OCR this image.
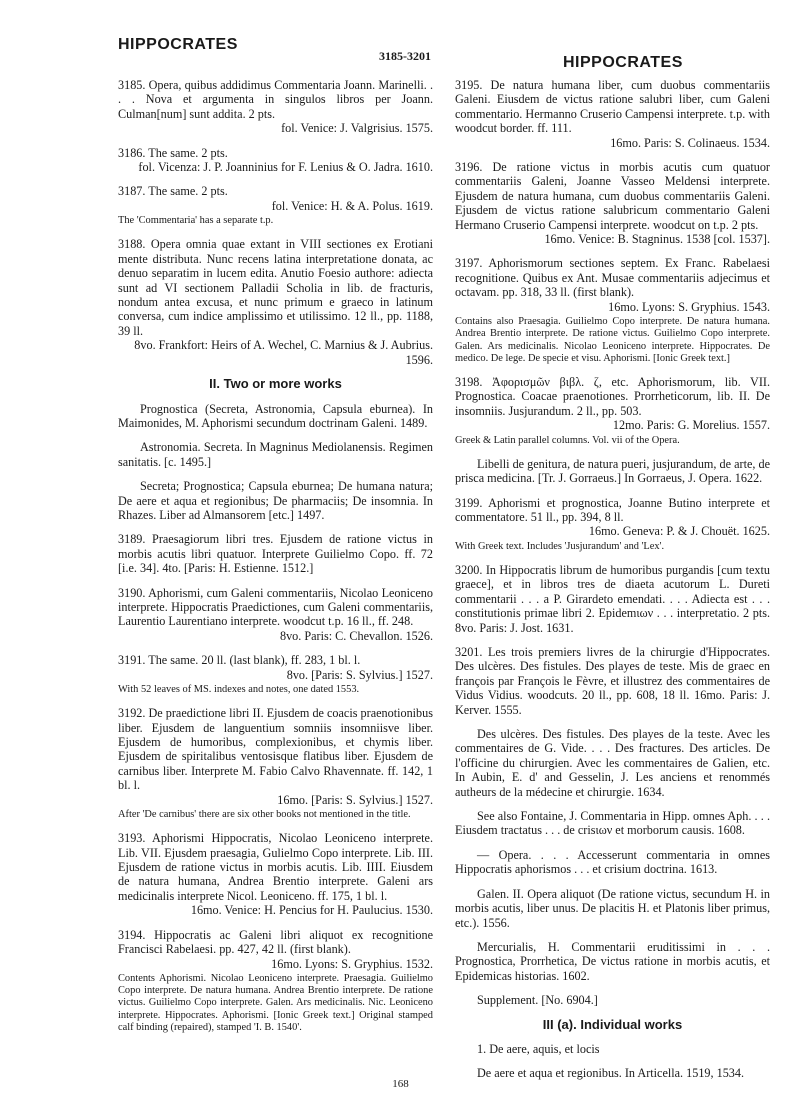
HIPPOCRATES
3185-3201	HIPPOCRATES
3185. Opera, quibus addidimus Commentaria Joann. Marinelli. . . . Nova et argumenta in singulos libros per Joann. Culman[num] sunt addita. 2 pts.
fol. Venice: J. Valgrisius. 1575.
3186. The same. 2 pts.
fol. Vicenza: J. P. Joanninius for F. Lenius & O. Jadra. 1610.
3187. The same. 2 pts.
fol. Venice: H. & A. Polus. 1619.
The 'Commentaria' has a separate t.p.
3188. Opera omnia quae extant in VIII sectiones ex Erotiani mente distributa. Nunc recens latina interpretatione donata, ac denuo separatim in lucem edita. Anutio Foesio authore: adiecta sunt ad VI sectionem Palladii Scholia in lib. de fracturis, nondum antea excusa, et nunc primum e graeco in latinum conversa, cum indice amplissimo et utilissimo. 12 ll., pp. 1188, 39 ll.
8vo. Frankfort: Heirs of A. Wechel, C. Marnius & J. Aubrius. 1596.
II. Two or more works
Prognostica (Secreta, Astronomia, Capsula eburnea). In Maimonides, M. Aphorismi secundum doctrinam Galeni. 1489.
Astronomia. Secreta. In Magninus Mediolanensis. Regimen sanitatis. [c. 1495.]
Secreta; Prognostica; Capsula eburnea; De humana natura; De aere et aqua et regionibus; De pharmaciis; De insomnia. In Rhazes. Liber ad Almansorem [etc.] 1497.
3189. Praesagiorum libri tres. Ejusdem de ratione victus in morbis acutis libri quatuor. Interprete Guilielmo Copo. ff. 72 [i.e. 34]. 4to. [Paris: H. Estienne. 1512.]
3190. Aphorismi, cum Galeni commentariis, Nicolao Leoniceno interprete. Hippocratis Praedictiones, cum Galeni commentariis, Laurentio Laurentiano interprete. woodcut t.p. 16 ll., ff. 248.
8vo. Paris: C. Chevallon. 1526.
3191. The same. 20 ll. (last blank), ff. 283, 1 bl. l.
8vo. [Paris: S. Sylvius.] 1527.
With 52 leaves of MS. indexes and notes, one dated 1553.
3192. De praedictione libri II. Ejusdem de coacis praenotionibus liber. Ejusdem de languentium somniis insomniisve liber. Ejusdem de humoribus, complexionibus, et chymis liber. Ejusdem de spiritalibus ventosisque flatibus liber. Ejusdem de carnibus liber. Interprete M. Fabio Calvo Rhavennate. ff. 142, 1 bl. l.
16mo. [Paris: S. Sylvius.] 1527.
After 'De carnibus' there are six other books not mentioned in the title.
3193. Aphorismi Hippocratis, Nicolao Leoniceno interprete. Lib. VII. Ejusdem praesagia, Gulielmo Copo interprete. Lib. III. Ejusdem de ratione victus in morbis acutis. Lib. IIII. Eiusdem de natura humana, Andrea Brentio interprete. Galeni ars medicinalis interprete Nicol. Leoniceno. ff. 175, 1 bl. l.
16mo. Venice: H. Pencius for H. Paulucius. 1530.
3194. Hippocratis ac Galeni libri aliquot ex recognitione Francisci Rabelaesi. pp. 427, 42 ll. (first blank).
16mo. Lyons: S. Gryphius. 1532.
Contents Aphorismi. Nicolao Leoniceno interprete. Praesagia. Guilielmo Copo interprete. De natura humana. Andrea Brentio interprete. De ratione victus. Guilielmo Copo interprete. Galen. Ars medicinalis. Nic. Leoniceno interprete. Hippocrates. Aphorismi. [Ionic Greek text.] Original stamped calf binding (repaired), stamped 'I. B. 1540'.
3195. De natura humana liber, cum duobus commentariis Galeni. Eiusdem de victus ratione salubri liber, cum Galeni commentario. Hermanno Cruserio Campensi interprete. t.p. with woodcut border. ff. 111.
16mo. Paris: S. Colinaeus. 1534.
3196. De ratione victus in morbis acutis cum quatuor commentariis Galeni, Joanne Vasseo Meldensi interprete. Ejusdem de natura humana, cum duobus commentariis Galeni. Ejusdem de victus ratione salubricum commentario Galeni Hermano Cruserio Campensi interprete. woodcut on t.p. 2 pts.
16mo. Venice: B. Stagninus. 1538 [col. 1537].
3197. Aphorismorum sectiones septem. Ex Franc. Rabelaesi recognitione. Quibus ex Ant. Musae commentariis adjecimus et octavam. pp. 318, 33 ll. (first blank).
16mo. Lyons: S. Gryphius. 1543.
Contains also Praesagia. Guilielmo Copo interprete. De natura humana. Andrea Brentio interprete. De ratione victus. Guilielmo Copo interprete. Galen. Ars medicinalis. Nicolao Leoniceno interprete. Hippocrates. De medico. De lege. De specie et visu. Aphorismi. [Ionic Greek text.]
3198. Ἀφορισμῶν βιβλ. ζ, etc. Aphorismorum, lib. VII. Prognostica. Coacae praenotiones. Prorrheticorum, lib. II. De insomniis. Jusjurandum. 2 ll., pp. 503.
12mo. Paris: G. Morelius. 1557.
Greek & Latin parallel columns. Vol. vii of the Opera.
Libelli de genitura, de natura pueri, jusjurandum, de arte, de prisca medicina. [Tr. J. Gorraeus.] In Gorraeus, J. Opera. 1622.
3199. Aphorismi et prognostica, Joanne Butino interprete et commentatore. 51 ll., pp. 394, 8 ll.
16mo. Geneva: P. & J. Chouët. 1625.
With Greek text. Includes 'Jusjurandum' and 'Lex'.
3200. In Hippocratis librum de humoribus purgandis [cum textu graece], et in libros tres de diaeta acutorum L. Dureti commentarii . . . a P. Girardeto emendati. . . . Adiecta est . . . constitutionis primae libri 2. Epidemιων . . . interpretatio. 2 pts. 8vo. Paris: J. Jost. 1631.
3201. Les trois premiers livres de la chirurgie d'Hippocrates. Des ulcères. Des fistules. Des playes de teste. Mis de graec en françois par François le Fèvre, et illustrez des commentaires de Vidus Vidius. woodcuts. 20 ll., pp. 608, 18 ll. 16mo. Paris: J. Kerver. 1555.
Des ulcères. Des fistules. Des playes de la teste. Avec les commentaires de G. Vide. . . . Des fractures. Des articles. De l'officine du chirurgien. Avec les commentaires de Galien, etc. In Aubin, E. d' and Gesselin, J. Les anciens et renommés autheurs de la médecine et chirurgie. 1634.
See also Fontaine, J. Commentaria in Hipp. omnes Aph. . . . Eiusdem tractatus . . . de crisιων et morborum causis. 1608.
— Opera. . . . Accesserunt commentaria in omnes Hippocratis aphorismos . . . et crisium doctrina. 1613.
Galen. II. Opera aliquot (De ratione victus, secundum H. in morbis acutis, liber unus. De placitis H. et Platonis liber primus, etc.). 1556.
Mercurialis, H. Commentarii eruditissimi in . . . Prognostica, Prorrhetica, De victus ratione in morbis acutis, et Epidemicas historias. 1602.
Supplement. [No. 6904.]
III (a). Individual works
1. De aere, aquis, et locis
De aere et aqua et regionibus. In Articella. 1519, 1534.
168
